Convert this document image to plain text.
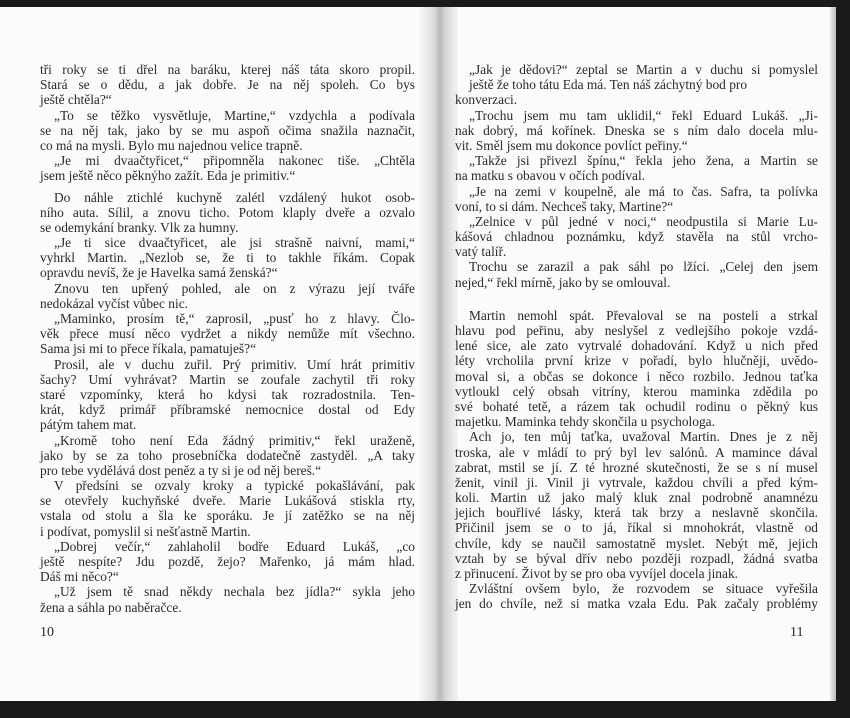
tři roky se ti dřel na baráku, kterej náš táta skoro propil.
Stará se o dědu, a jak dobře. Je na něj spoleh. Co bys
ještě chtěla?“
„To se těžko vysvětluje, Martine,“ vzdychla a podívala
se na něj tak, jako by se mu aspoň očima snažila naznačit,
co má na mysli. Bylo mu najednou velice trapně.
„Je mi dvaačtyřicet,“ připomněla nakonec tiše. „Chtěla
jsem ještě něco pěknýho zažít. Eda je primitiv.“
Do náhle ztichlé kuchyně zalétl vzdálený hukot osob-
ního auta. Sílil, a znovu ticho. Potom klaply dveře a ozvalo
se odemykání branky. Vlk za humny.
„Je ti sice dvaačtyřicet, ale jsi strašně naivní, mami,“
vyhrkl Martin. „Nezlob se, že ti to takhle říkám. Copak
opravdu nevíš, že je Havelka samá ženská?“
Znovu ten upřený pohled, ale on z výrazu její tváře
nedokázal vyčíst vůbec nic.
„Maminko, prosím tě,“ zaprosil, „pusť ho z hlavy. Člo-
věk přece musí něco vydržet a nikdy nemůže mít všechno.
Sama jsi mi to přece říkala, pamatuješ?“
Prosil, ale v duchu zuřil. Prý primitiv. Umí hrát primitiv
šachy? Umí vyhrávat? Martin se zoufale zachytil tři roky
staré vzpomínky, která ho kdysi tak rozradostnila. Ten-
krát, když primář příbramské nemocnice dostal od Edy
pátým tahem mat.
„Kromě toho není Eda žádný primitiv,“ řekl uraženě,
jako by se za toho prosebníčka dodatečně zastyděl. „A taky
pro tebe vydělává dost peněz a ty si je od něj bereš.“
V předsíni se ozvaly kroky a typické pokašlávání, pak
se otevřely kuchyňské dveře. Marie Lukášová stiskla rty,
vstala od stolu a šla ke sporáku. Je jí zatěžko se na něj
i podívat, pomyslil si nešťastně Martin.
„Dobrej večír,“ zahlaholil bodře Eduard Lukáš, „co
ještě nespíte? Jdu pozdě, žejo? Mařenko, já mám hlad.
Dáš mi něco?“
„Už jsem tě snad někdy nechala bez jídla?“ sykla jeho
žena a sáhla po naběračce.
„Jak je dědovi?“ zeptal se Martin a v duchu si pomyslel
ještě že toho tátu Eda má. Ten náš záchytný bod pro
konverzaci.
„Trochu jsem mu tam uklidil,“ řekl Eduard Lukáš. „Ji-
nak dobrý, má kořínek. Dneska se s ním dalo docela mlu-
vit. Směl jsem mu dokonce povlíct peřiny.“
„Takže jsi přivezl špínu,“ řekla jeho žena, a Martin se
na matku s obavou v očích podíval.
„Je na zemi v koupelně, ale má to čas. Safra, ta polívka
voní, to si dám. Nechceš taky, Martine?“
„Zelnice v půl jedné v noci,“ neodpustila si Marie Lu-
kášová chladnou poznámku, když stavěla na stůl vrcho-
vatý talíř.
Trochu se zarazil a pak sáhl po lžíci. „Celej den jsem
nejed,“ řekl mírně, jako by se omlouval.
Martin nemohl spát. Převaloval se na posteli a strkal
hlavu pod peřinu, aby neslyšel z vedlejšího pokoje vzdá-
lené sice, ale zato vytrvalé dohadování. Když u nich před
léty vrcholila první krize v pořadí, bylo hlučněji, uvědo-
moval si, a občas se dokonce i něco rozbilo. Jednou taťka
vytloukl celý obsah vitríny, kterou maminka zdědila po
své bohaté tetě, a rázem tak ochudil rodinu o pěkný kus
majetku. Maminka tehdy skončila u psychologa.
Ach jo, ten můj taťka, uvažoval Martin. Dnes je z něj
troska, ale v mládí to prý byl lev salónů. A mamince dával
zabrat, mstil se jí. Z té hrozné skutečnosti, že se s ní musel
ženit, vinil ji. Vinil ji vytrvale, každou chvíli a před kým-
koli. Martin už jako malý kluk znal podrobně anamnézu
jejich bouřlivé lásky, která tak brzy a neslavně skončila.
Přičinil jsem se o to já, říkal si mnohokrát, vlastně od
chvíle, kdy se naučil samostatně myslet. Nebýt mě, jejich
vztah by se býval dřív nebo později rozpadl, žádná svatba
z přinucení. Život by se pro oba vyvíjel docela jinak.
Zvláštní ovšem bylo, že rozvodem se situace vyřešila
jen do chvíle, než si matka vzala Edu. Pak začaly problémy
10	11
